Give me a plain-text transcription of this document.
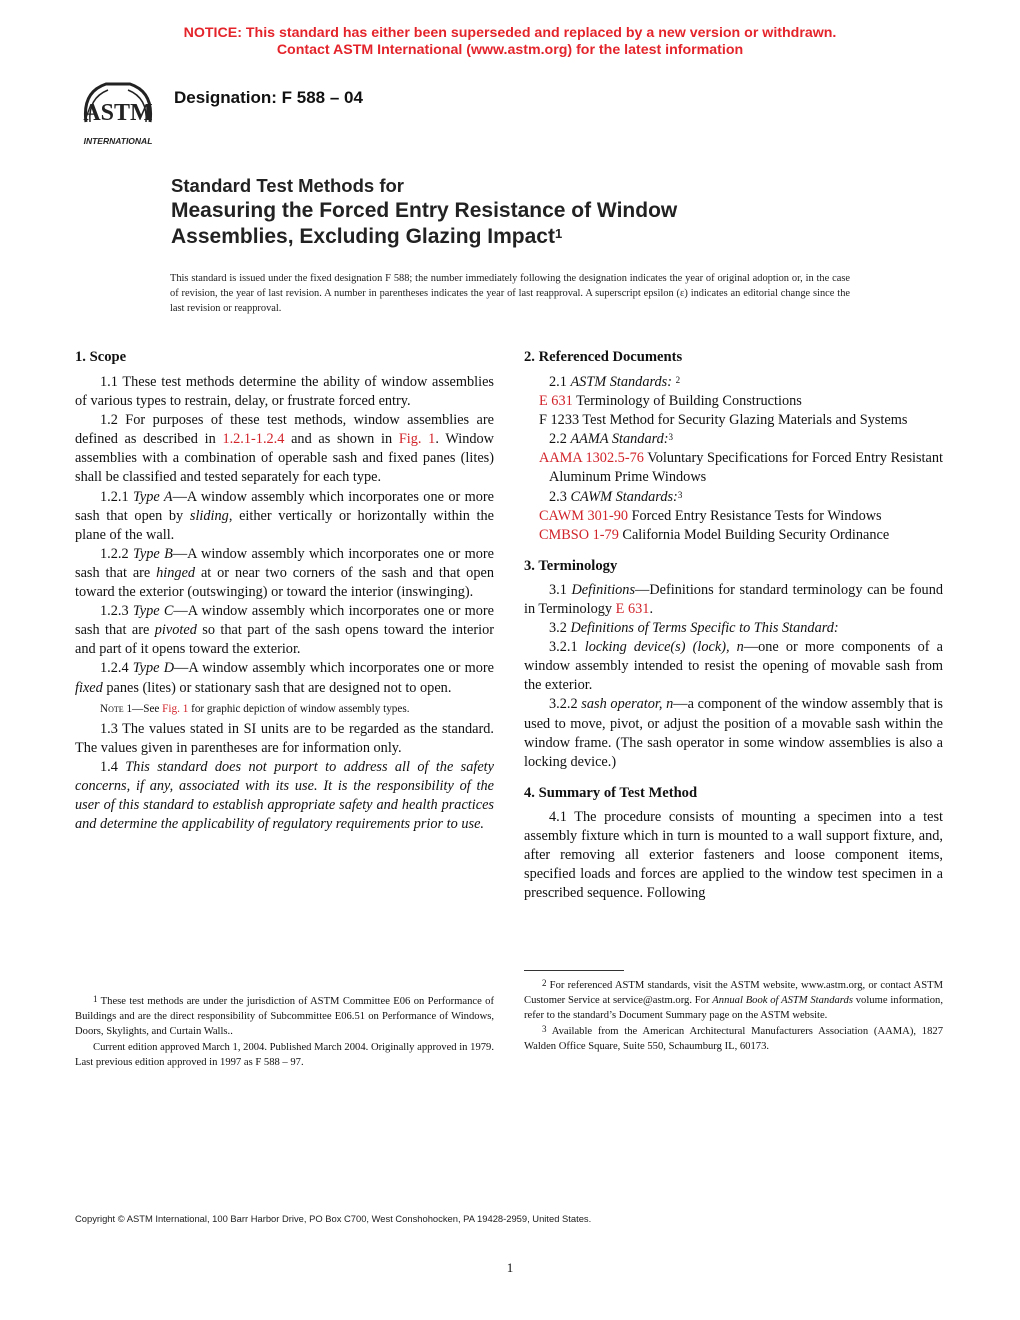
NOTICE: This standard has either been superseded and replaced by a new version or withdrawn.
Contact ASTM International (www.astm.org) for the latest information
ASTM
INTERNATIONAL
Designation: F 588 – 04
Standard Test Methods for
Measuring the Forced Entry Resistance of Window
Assemblies, Excluding Glazing Impact$^1$
This standard is issued under the fixed designation F 588; the number immediately following the designation indicates the year of original adoption or, in the case of revision, the year of last revision. A number in parentheses indicates the year of last reapproval. A superscript epsilon (ε) indicates an editorial change since the last revision or reapproval.
1. Scope

1.1 These test methods determine the ability of window assemblies of various types to restrain, delay, or frustrate forced entry.

1.2 For purposes of these test methods, window assemblies are defined as described in 1.2.1-1.2.4 and as shown in Fig. 1. Window assemblies with a combination of operable sash and fixed panes (lites) shall be classified and tested separately for each type.

1.2.1 Type A—A window assembly which incorporates one or more sash that open by sliding, either vertically or horizontally within the plane of the wall.

1.2.2 Type B—A window assembly which incorporates one or more sash that are hinged at or near two corners of the sash and that open toward the exterior (outswinging) or toward the interior (inswinging).

1.2.3 Type C—A window assembly which incorporates one or more sash that are pivoted so that part of the sash opens toward the interior and part of it opens toward the exterior.

1.2.4 Type D—A window assembly which incorporates one or more fixed panes (lites) or stationary sash that are designed not to open.

Note 1—See Fig. 1 for graphic depiction of window assembly types.

1.3 The values stated in SI units are to be regarded as the standard. The values given in parentheses are for information only.

1.4 This standard does not purport to address all of the safety concerns, if any, associated with its use. It is the responsibility of the user of this standard to establish appropriate safety and health practices and determine the applicability of regulatory requirements prior to use.

2. Referenced Documents

2.1 ASTM Standards: $^2$

E 631 Terminology of Building Constructions
F 1233 Test Method for Security Glazing Materials and Systems

2.2 AAMA Standard:$^3$

AAMA 1302.5-76 Voluntary Specifications for Forced Entry Resistant Aluminum Prime Windows

2.3 CAWM Standards:$^3$

CAWM 301-90 Forced Entry Resistance Tests for Windows
CMBSO 1-79 California Model Building Security Ordinance
3. Terminology

3.1 Definitions—Definitions for standard terminology can be found in Terminology E 631.

3.2 Definitions of Terms Specific to This Standard:

3.2.1 locking device(s) (lock), n—one or more components of a window assembly intended to resist the opening of movable sash from the exterior.

3.2.2 sash operator, n—a component of the window assembly that is used to move, pivot, or adjust the position of a movable sash within the window frame. (The sash operator in some window assemblies is also a locking device.)

4. Summary of Test Method

4.1 The procedure consists of mounting a specimen into a test assembly fixture which in turn is mounted to a wall support fixture, and, after removing all exterior fasteners and loose component items, specified loads and forces are applied to the window test specimen in a prescribed sequence. Following

$^1$ These test methods are under the jurisdiction of ASTM Committee E06 on Performance of Buildings and are the direct responsibility of Subcommittee E06.51 on Performance of Windows, Doors, Skylights, and Curtain Walls..

Current edition approved March 1, 2004. Published March 2004. Originally approved in 1979. Last previous edition approved in 1997 as F 588 – 97.

$^2$ For referenced ASTM standards, visit the ASTM website, www.astm.org, or contact ASTM Customer Service at service@astm.org. For Annual Book of ASTM Standards volume information, refer to the standard’s Document Summary page on the ASTM website.

$^3$ Available from the American Architectural Manufacturers Association (AAMA), 1827 Walden Office Square, Suite 550, Schaumburg IL, 60173.

Copyright © ASTM International, 100 Barr Harbor Drive, PO Box C700, West Conshohocken, PA 19428-2959, United States.
1
